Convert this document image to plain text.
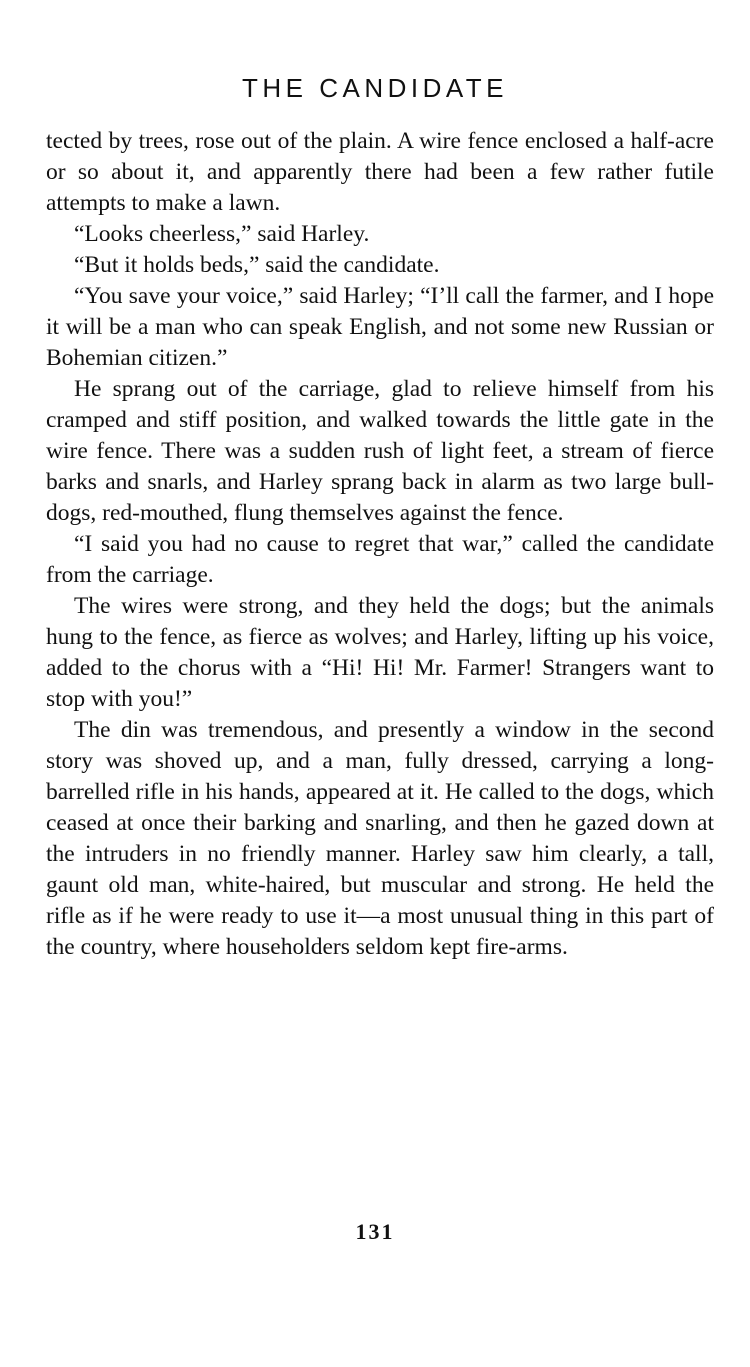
THE CANDIDATE

tected by trees, rose out of the plain. A wire fence enclosed a half-acre or so about it, and apparently there had been a few rather futile attempts to make a lawn.

“Looks cheerless,” said Harley.

“But it holds beds,” said the candidate.

“You save your voice,” said Harley; “I’ll call the farmer, and I hope it will be a man who can speak English, and not some new Russian or Bohemian citizen.”

He sprang out of the carriage, glad to relieve himself from his cramped and stiff position, and walked towards the little gate in the wire fence. There was a sudden rush of light feet, a stream of fierce barks and snarls, and Harley sprang back in alarm as two large bull-dogs, red-mouthed, flung themselves against the fence.

“I said you had no cause to regret that war,” called the candidate from the carriage.

The wires were strong, and they held the dogs; but the animals hung to the fence, as fierce as wolves; and Harley, lifting up his voice, added to the chorus with a “Hi! Hi! Mr. Farmer! Strangers want to stop with you!”

The din was tremendous, and presently a window in the second story was shoved up, and a man, fully dressed, carrying a long-barrelled rifle in his hands, appeared at it. He called to the dogs, which ceased at once their barking and snarling, and then he gazed down at the intruders in no friendly manner. Harley saw him clearly, a tall, gaunt old man, white-haired, but muscular and strong. He held the rifle as if he were ready to use it—a most unusual thing in this part of the country, where householders seldom kept fire-arms.

131
